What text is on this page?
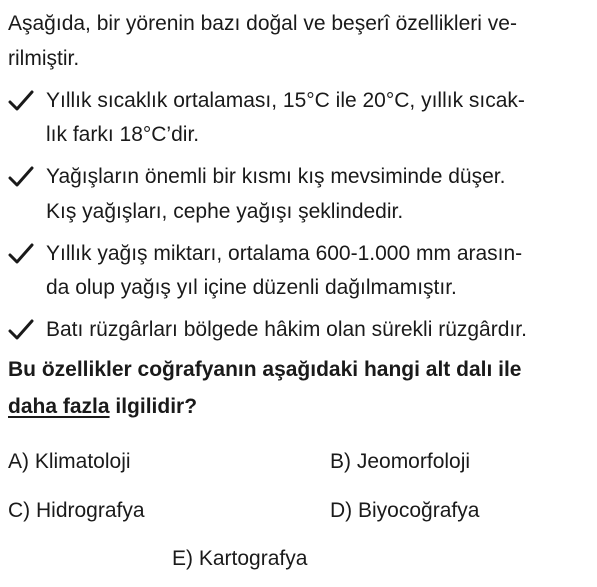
Aşağıda, bir yörenin bazı doğal ve beşerî özellikleri ve-
rilmiştir.
Yıllık sıcaklık ortalaması, 15°C ile 20°C, yıllık sıcak-
lık farkı 18°C’dir.
Yağışların önemli bir kısmı kış mevsiminde düşer.
Kış yağışları, cephe yağışı şeklindedir.
Yıllık yağış miktarı, ortalama 600-1.000 mm arasın-
da olup yağış yıl içine düzenli dağılmamıştır.
Batı rüzgârları bölgede hâkim olan sürekli rüzgârdır.
Bu özellikler coğrafyanın aşağıdaki hangi alt dalı ile
daha fazla ilgilidir?
A) Klimatoloji	B) Jeomorfoloji
C) Hidrografya	D) Biyocoğrafya
E) Kartografya
